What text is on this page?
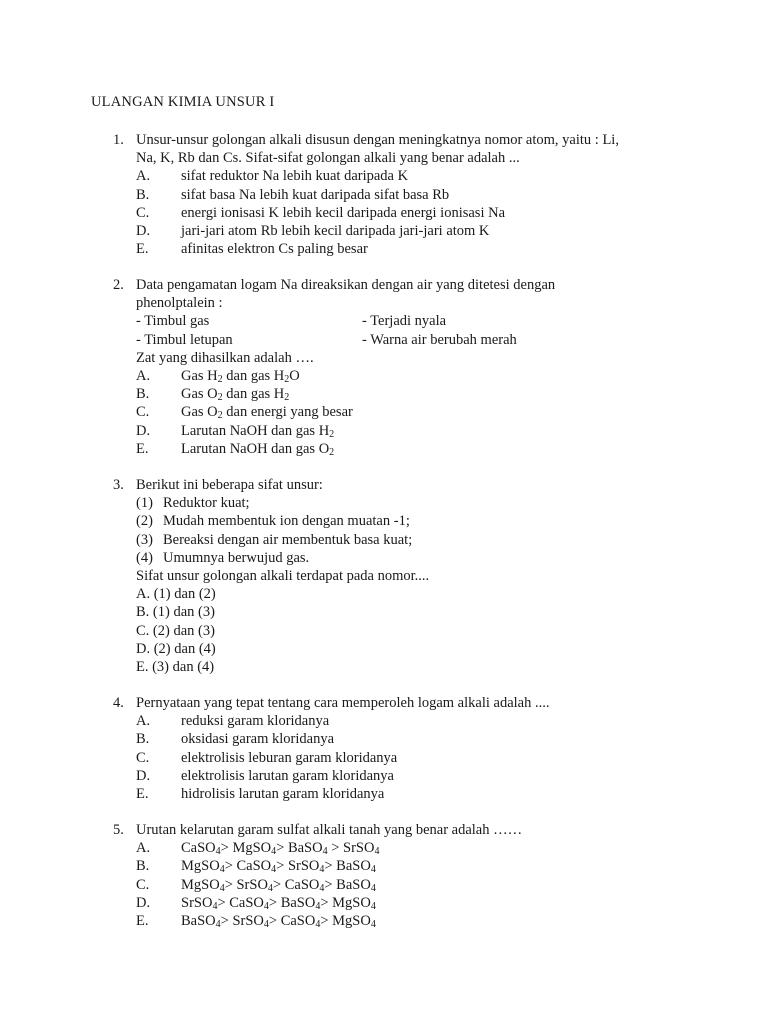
ULANGAN KIMIA UNSUR I
1. Unsur-unsur golongan alkali disusun dengan meningkatnya nomor atom, yaitu : Li,
Na, K, Rb dan Cs. Sifat-sifat golongan alkali yang benar adalah ...
A. sifat reduktor Na lebih kuat daripada K
B. sifat basa Na lebih kuat daripada sifat basa Rb
C. energi ionisasi K lebih kecil daripada energi ionisasi Na
D. jari-jari atom Rb lebih kecil daripada jari-jari atom K
E. afinitas elektron Cs paling besar
2. Data pengamatan logam Na direaksikan dengan air yang ditetesi dengan
phenolptalein :
- Timbul gas	- Terjadi nyala
- Timbul letupan	- Warna air berubah merah
Zat yang dihasilkan adalah ….
A. Gas $H_2$ dan gas $H_2O$
B. Gas $O_2$ dan gas $H_2$
C. Gas $O_2$ dan energi yang besar
D. Larutan NaOH dan gas $H_2$
E. Larutan NaOH dan gas $O_2$
3. Berikut ini beberapa sifat unsur:
(1) Reduktor kuat;
(2) Mudah membentuk ion dengan muatan -1;
(3) Bereaksi dengan air membentuk basa kuat;
(4) Umumnya berwujud gas.
Sifat unsur golongan alkali terdapat pada nomor....
A. (1) dan (2)
B. (1) dan (3)
C. (2) dan (3)
D. (2) dan (4)
E. (3) dan (4)
4. Pernyataan yang tepat tentang cara memperoleh logam alkali adalah ....
A. reduksi garam kloridanya
B. oksidasi garam kloridanya
C. elektrolisis leburan garam kloridanya
D. elektrolisis larutan garam kloridanya
E. hidrolisis larutan garam kloridanya
5. Urutan kelarutan garam sulfat alkali tanah yang benar adalah ……
A. CaSO$_4$> MgSO$_4$> BaSO$_4$ > SrSO$_4$
B. MgSO$_4$> CaSO$_4$> SrSO$_4$> BaSO$_4$
C. MgSO$_4$> SrSO$_4$> CaSO$_4$> BaSO$_4$
D. SrSO$_4$> CaSO$_4$> BaSO$_4$> MgSO$_4$
E. BaSO$_4$> SrSO$_4$> CaSO$_4$> MgSO$_4$
